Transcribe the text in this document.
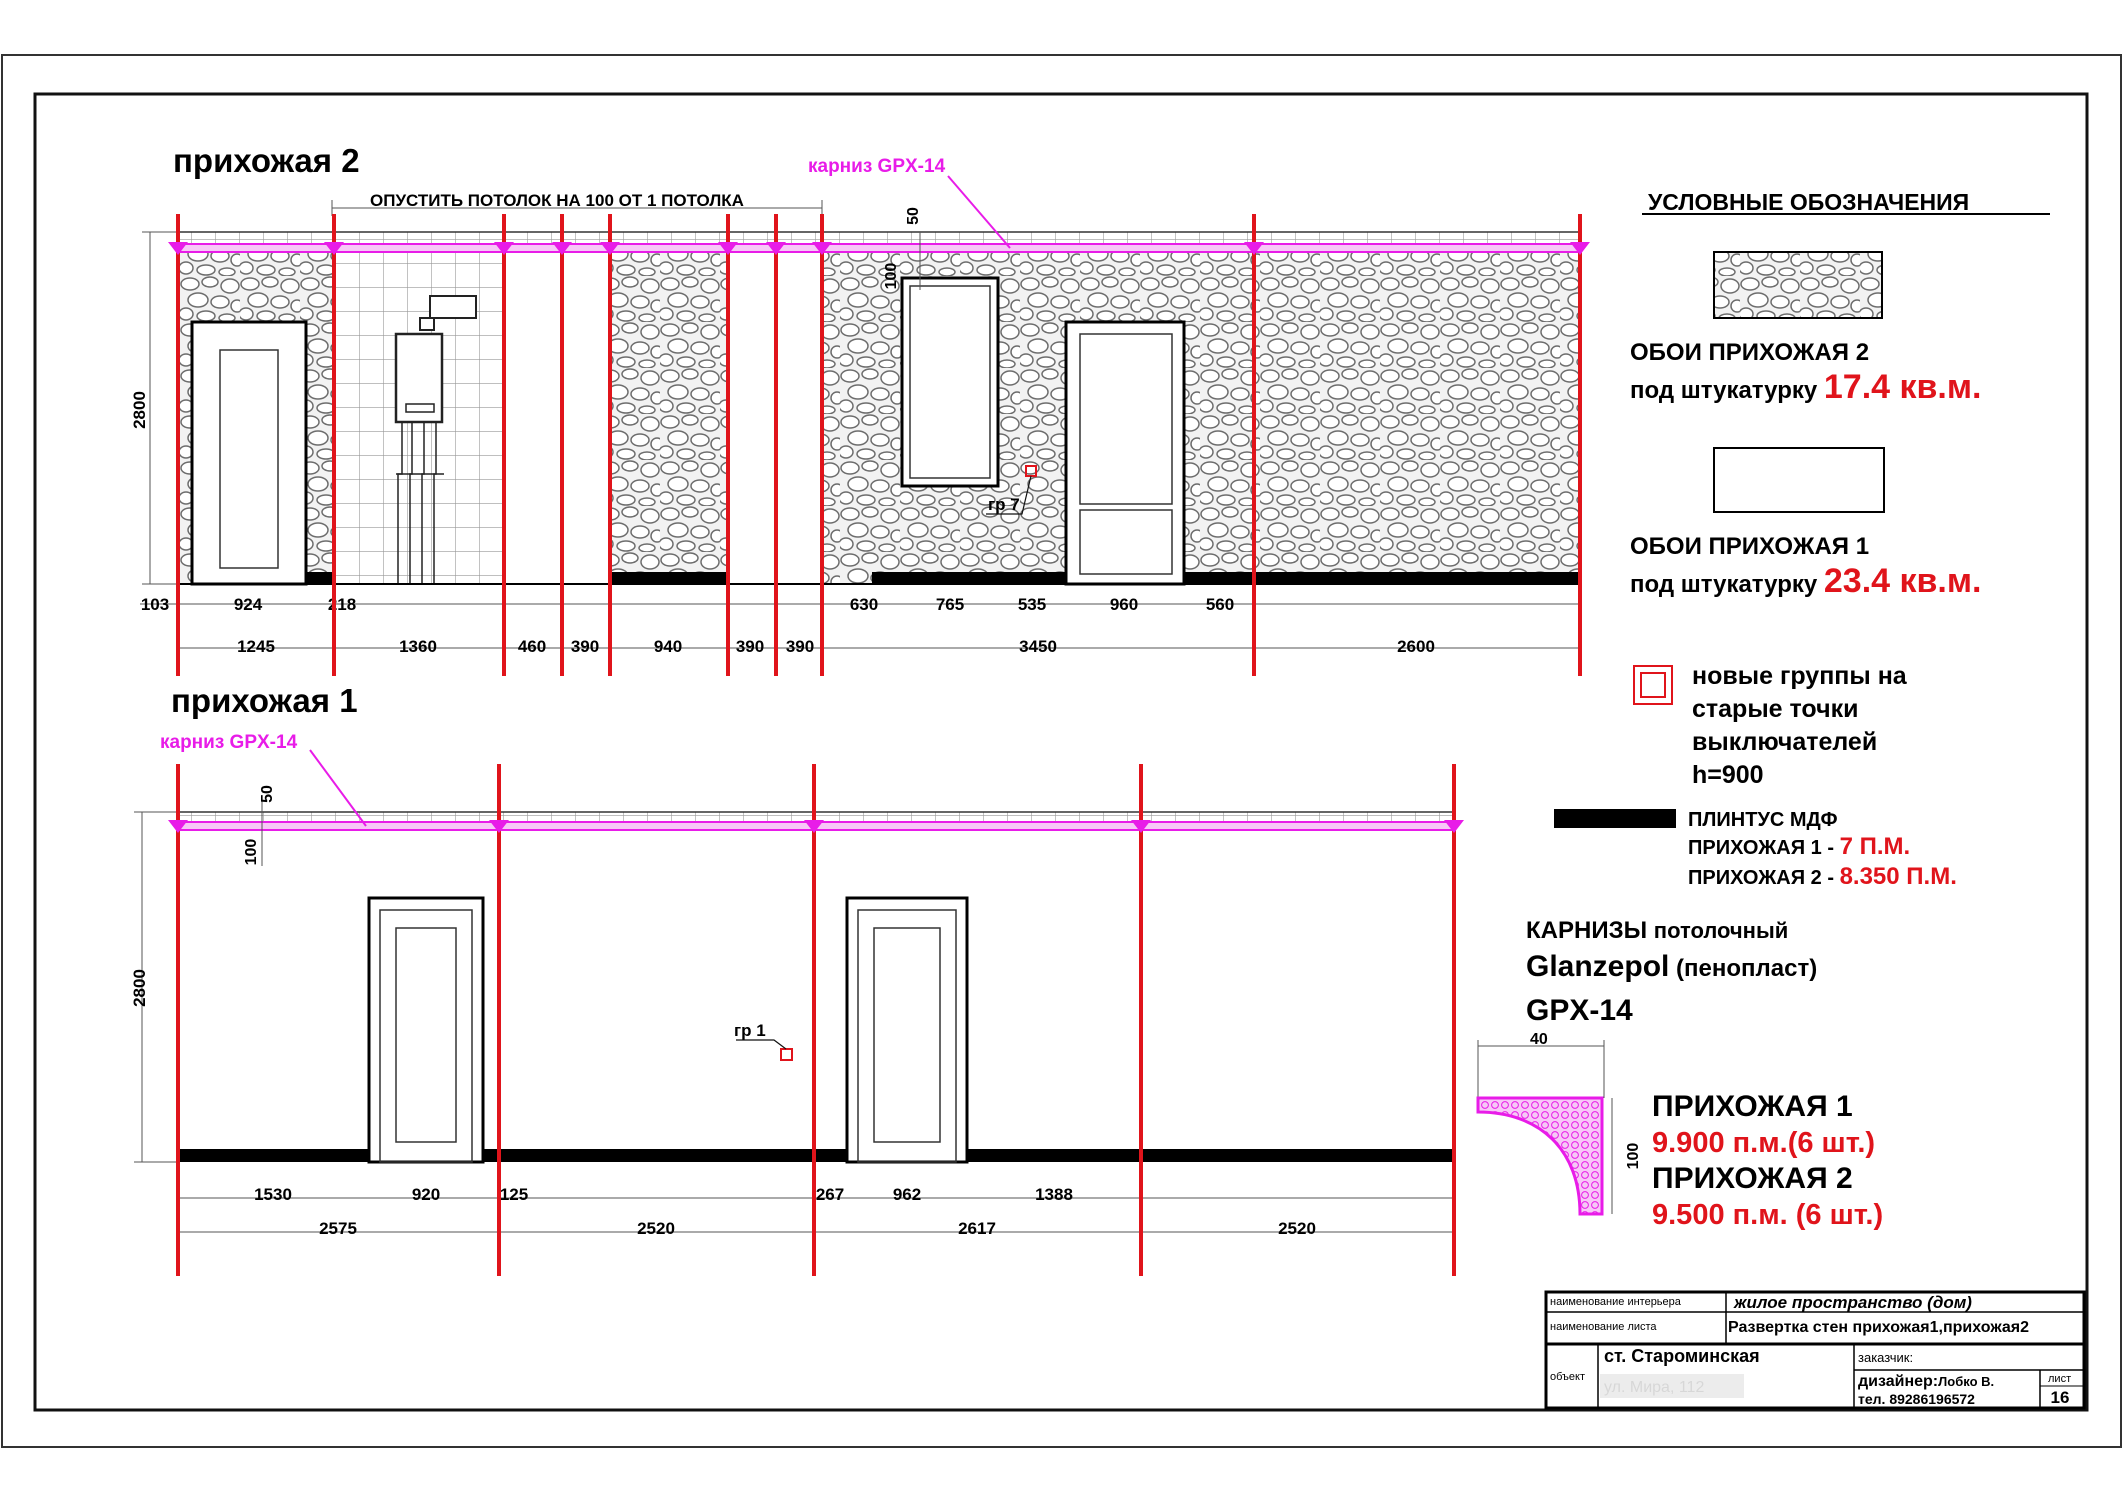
прихожая 2
ОПУСТИТЬ ПОТОЛОК НА 100 ОТ 1 ПОТОЛКА
гр 7
2800
50
100
карниз GPX-14
103	924	218	630	765	535	960	560
1245	1360	460 390	940	390 390	3450	2600
прихожая 1
гр 1
2800
50
100
карниз GPX-14
1530	920	125	267	962	1388
2575	2520	2617	2520
УСЛОВНЫЕ ОБОЗНАЧЕНИЯ
ОБОИ ПРИХОЖАЯ 2
под штукатурку 17.4 кв.м.
ОБОИ ПРИХОЖАЯ 1
под штукатурку 23.4 кв.м.
новые группы на
старые точки
выключателей
h=900
ПЛИНТУС МДФ
ПРИХОЖАЯ 1 - 7 П.М.
ПРИХОЖАЯ 2 - 8.350 П.М.
КАРНИЗЫ потолочный
Glanzepol (пенопласт)
GPX-14
40
100
ПРИХОЖАЯ 1
9.900 п.м.(6 шт.)
ПРИХОЖАЯ 2
9.500 п.м. (6 шт.)
наименование интерьера	жилое пространство (дом)
наименование листа	Развертка стен прихожая1,прихожая2
объект
ст. Староминская	заказчик:
дизайнер:Лобко В.
тел. 89286196572
лист
16
